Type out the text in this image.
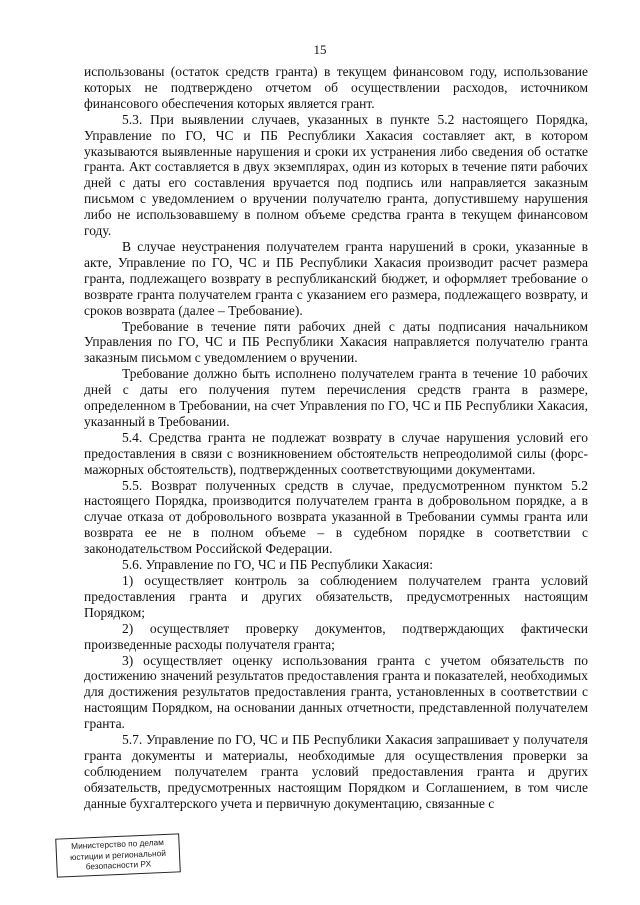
15

использованы (остаток средств гранта) в текущем финансовом году, использование которых не подтверждено отчетом об осуществлении расходов, источником финансового обеспечения которых является грант.

5.3. При выявлении случаев, указанных в пункте 5.2 настоящего Порядка, Управление по ГО, ЧС и ПБ Республики Хакасия составляет акт, в котором указываются выявленные нарушения и сроки их устранения либо сведения об остатке гранта. Акт составляется в двух экземплярах, один из которых в течение пяти рабочих дней с даты его составления вручается под подпись или направляется заказным письмом с уведомлением о вручении получателю гранта, допустившему нарушения либо не использовавшему в полном объеме средства гранта в текущем финансовом году.

В случае неустранения получателем гранта нарушений в сроки, указанные в акте, Управление по ГО, ЧС и ПБ Республики Хакасия производит расчет размера гранта, подлежащего возврату в республиканский бюджет, и оформляет требование о возврате гранта получателем гранта с указанием его размера, подлежащего возврату, и сроков возврата (далее – Требование).

Требование в течение пяти рабочих дней с даты подписания начальником Управления по ГО, ЧС и ПБ Республики Хакасия направляется получателю гранта заказным письмом с уведомлением о вручении.

Требование должно быть исполнено получателем гранта в течение 10 рабочих дней с даты его получения путем перечисления средств гранта в размере, определенном в Требовании, на счет Управления по ГО, ЧС и ПБ Республики Хакасия, указанный в Требовании.

5.4. Средства гранта не подлежат возврату в случае нарушения условий его предоставления в связи с возникновением обстоятельств непреодолимой силы (форс-мажорных обстоятельств), подтвержденных соответствующими документами.

5.5. Возврат полученных средств в случае, предусмотренном пунктом 5.2 настоящего Порядка, производится получателем гранта в добровольном порядке, а в случае отказа от добровольного возврата указанной в Требовании суммы гранта или возврата ее не в полном объеме – в судебном порядке в соответствии с законодательством Российской Федерации.

5.6. Управление по ГО, ЧС и ПБ Республики Хакасия:

1) осуществляет контроль за соблюдением получателем гранта условий предоставления гранта и других обязательств, предусмотренных настоящим Порядком;

2) осуществляет проверку документов, подтверждающих фактически произведенные расходы получателя гранта;

3) осуществляет оценку использования гранта с учетом обязательств по достижению значений результатов предоставления гранта и показателей, необходимых для достижения результатов предоставления гранта, установленных в соответствии с настоящим Порядком, на основании данных отчетности, представленной получателем гранта.

5.7. Управление по ГО, ЧС и ПБ Республики Хакасия запрашивает у получателя гранта документы и материалы, необходимые для осуществления проверки за соблюдением получателем гранта условий предоставления гранта и других обязательств, предусмотренных настоящим Порядком и Соглашением, в том числе данные бухгалтерского учета и первичную документацию, связанные с

Министерство по делам
юстиции и региональной
безопасности РХ
